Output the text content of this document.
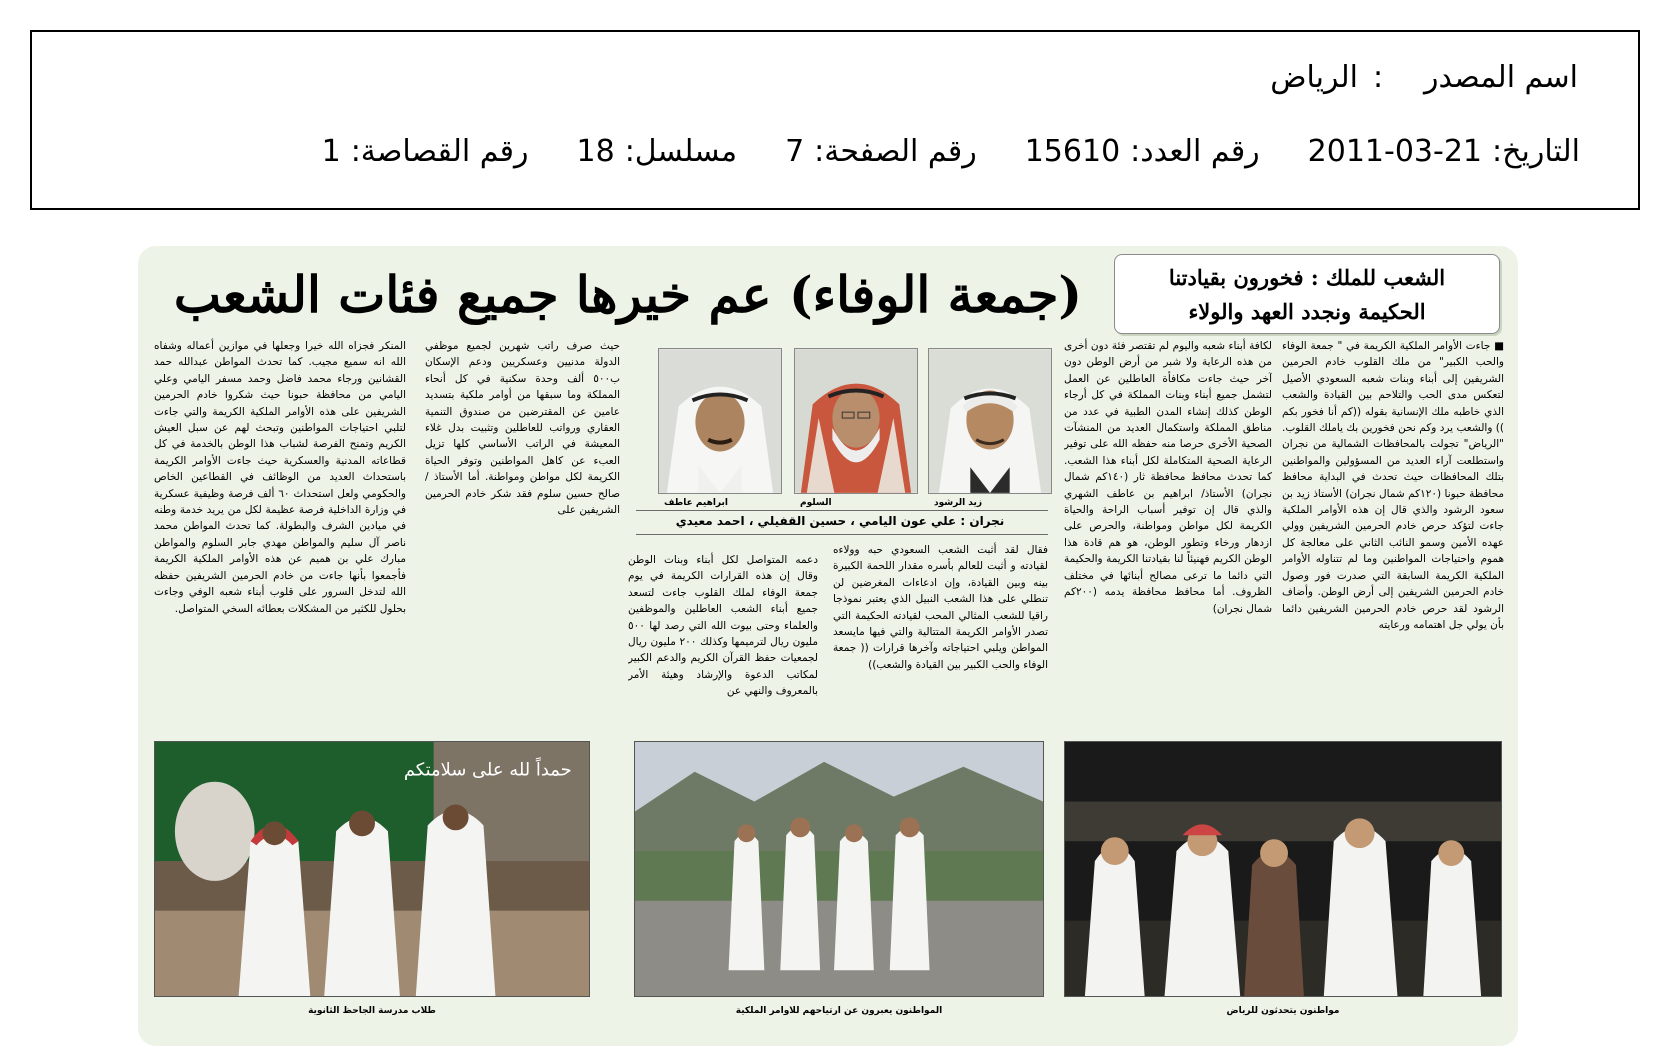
اسم المصدر
:
الرياض
التاريخ:
2011-03-21
رقم العدد:
15610
رقم الصفحة:
7
مسلسل:
18
رقم القصاصة:
1
الشعب للملك : فخورون بقيادتنا
الحكيمة ونجدد العهد والولاء
(جمعة الوفاء) عم خيرها جميع فئات الشعب

■ جاءت الأوامر الملكية الكريمة في " جمعة الوفاء والحب الكبير" من ملك القلوب خادم الحرمين الشريفين إلى أبناء وبنات شعبه السعودي الأصيل لتعكس مدى الحب والتلاحم بين القيادة والشعب الذي خاطبه ملك الإنسانية بقوله ((كم أنا فخور بكم )) والشعب يرد وكم نحن فخورين بك ياملك القلوب. "الرياض" تجولت بالمحافظات الشمالية من نجران واستطلعت آراء العديد من المسؤولين والمواطنين بتلك المحافظات حيث تحدث في البداية محافظ محافظة حبونا (١٢٠كم شمال نجران) الأستاذ زيد بن سعود الرشود والذي قال إن هذه الأوامر الملكية جاءت لتؤكد حرص خادم الحرمين الشريفين وولي عهده الأمين وسمو النائب الثاني على معالجة كل هموم واحتياجات المواطنين وما لم تتناوله الأوامر الملكية الكريمة السابقة التي صدرت فور وصول خادم الحرمين الشريفين إلى أرض الوطن. وأضاف الرشود لقد حرص خادم الحرمين الشريفين دائما بأن يولي جل اهتمامه ورعايته

لكافة أبناء شعبه واليوم لم تقتصر فئة دون أخرى من هذه الرعاية ولا شبر من أرض الوطن دون آخر حيث جاءت مكافأة العاطلين عن العمل لتشمل جميع أبناء وبنات المملكة في كل أرجاء الوطن كذلك إنشاء المدن الطبية في عدد من مناطق المملكة واستكمال العديد من المنشآت الصحية الأخرى حرصا منه حفظه الله على توفير الرعاية الصحية المتكاملة لكل أبناء هذا الشعب. كما تحدث محافظ محافظة ثار (١٤٠كم شمال نجران) الأستاذ/ ابراهيم بن عاطف الشهري والذي قال إن توفير أسباب الراحة والحياة الكريمة لكل مواطن ومواطنة، والحرص على ازدهار ورخاء وتطور الوطن، هو هم قادة هذا الوطن الكريم فهنيئاً لنا بقيادتنا الكريمة والحكيمة التي دائما ما ترعى مصالح أبنائها في مختلف الظروف. أما محافظ محافظة يدمه (٢٠٠كم شمال نجران)

فقال لقد أثبت الشعب السعودي حبه وولاءه لقيادته و أثبت للعالم بأسره مقدار اللحمة الكبيرة بينه وبين القيادة، وإن ادعاءات المغرضين لن تنطلي على هذا الشعب النبيل الذي يعتبر نموذجا راقيا للشعب المثالي المحب لقيادته الحكيمة التي تصدر الأوامر الكريمة المتتالية والتي فيها مايسعد المواطن ويلبي احتياجاته وآخرها قرارات (( جمعة الوفاء والحب الكبير بين القيادة والشعب))

دعمه المتواصل لكل أبناء وبنات الوطن وقال إن هذه القرارات الكريمة في يوم جمعة الوفاء لملك القلوب جاءت لتسعد جميع أبناء الشعب العاطلين والموظفين والعلماء وحتى بيوت الله التي رصد لها ٥٠٠ مليون ريال لترميمها وكذلك ٢٠٠ مليون ريال لجمعيات حفظ القرآن الكريم والدعم الكبير لمكاتب الدعوة والإرشاد وهيئة الأمر بالمعروف والنهي عن

حيث صرف راتب شهرين لجميع موظفي الدولة مدنيين وعسكريين ودعم الإسكان ب٥٠٠ ألف وحدة سكنية في كل أنحاء المملكة وما سبقها من أوامر ملكية بتسديد عامين عن المقترضين من صندوق التنمية العقاري ورواتب للعاطلين وتثبيت بدل غلاء المعيشة في الراتب الأساسي كلها تزيل العبء عن كاهل المواطنين وتوفر الحياة الكريمة لكل مواطن ومواطنة. أما الأستاذ / صالح حسين سلوم فقد شكر خادم الحرمين الشريفين على

المنكر فجزاه الله خيرا وجعلها في موازين أعماله وشفاه الله انه سميع مجيب. كما تحدث المواطن عبدالله حمد القشانين ورجاء محمد فاضل وحمد مسفر اليامي وعلي اليامي من محافظة حبونا حيث شكروا خادم الحرمين الشريفين على هذه الأوامر الملكية الكريمة والتي جاءت لتلبي احتياجات المواطنين وتبحث لهم عن سبل العيش الكريم وتمنح الفرصة لشباب هذا الوطن بالخدمة في كل قطاعاته المدنية والعسكرية حيث جاءت الأوامر الكريمة باستحداث العديد من الوظائف في القطاعين الخاص والحكومي ولعل استحداث ٦٠ ألف فرصة وظيفية عسكرية في وزارة الداخلية فرصة عظيمة لكل من يريد خدمة وطنه في ميادين الشرف والبطولة. كما تحدث المواطن محمد ناصر آل سليم والمواطن مهدي جابر السلوم والمواطن مبارك علي بن هميم عن هذه الأوامر الملكية الكريمة فأجمعوا بأنها جاءت من خادم الحرمين الشريفين حفظه الله لتدخل السرور على قلوب أبناء شعبه الوفي وجاءت بحلول للكثير من المشكلات بعطائه السخي المتواصل.

زيد الرشود
السلوم
ابراهيم عاطف
نجران : علي عون اليامي ، حسين القفيلي ، احمد معيدي
مواطنون يتحدثون للرياض
المواطنون يعبرون عن ارتياحهم للاوامر الملكية
حمداً لله على سلامتكم
طلاب مدرسة الجاحظ الثانوية
